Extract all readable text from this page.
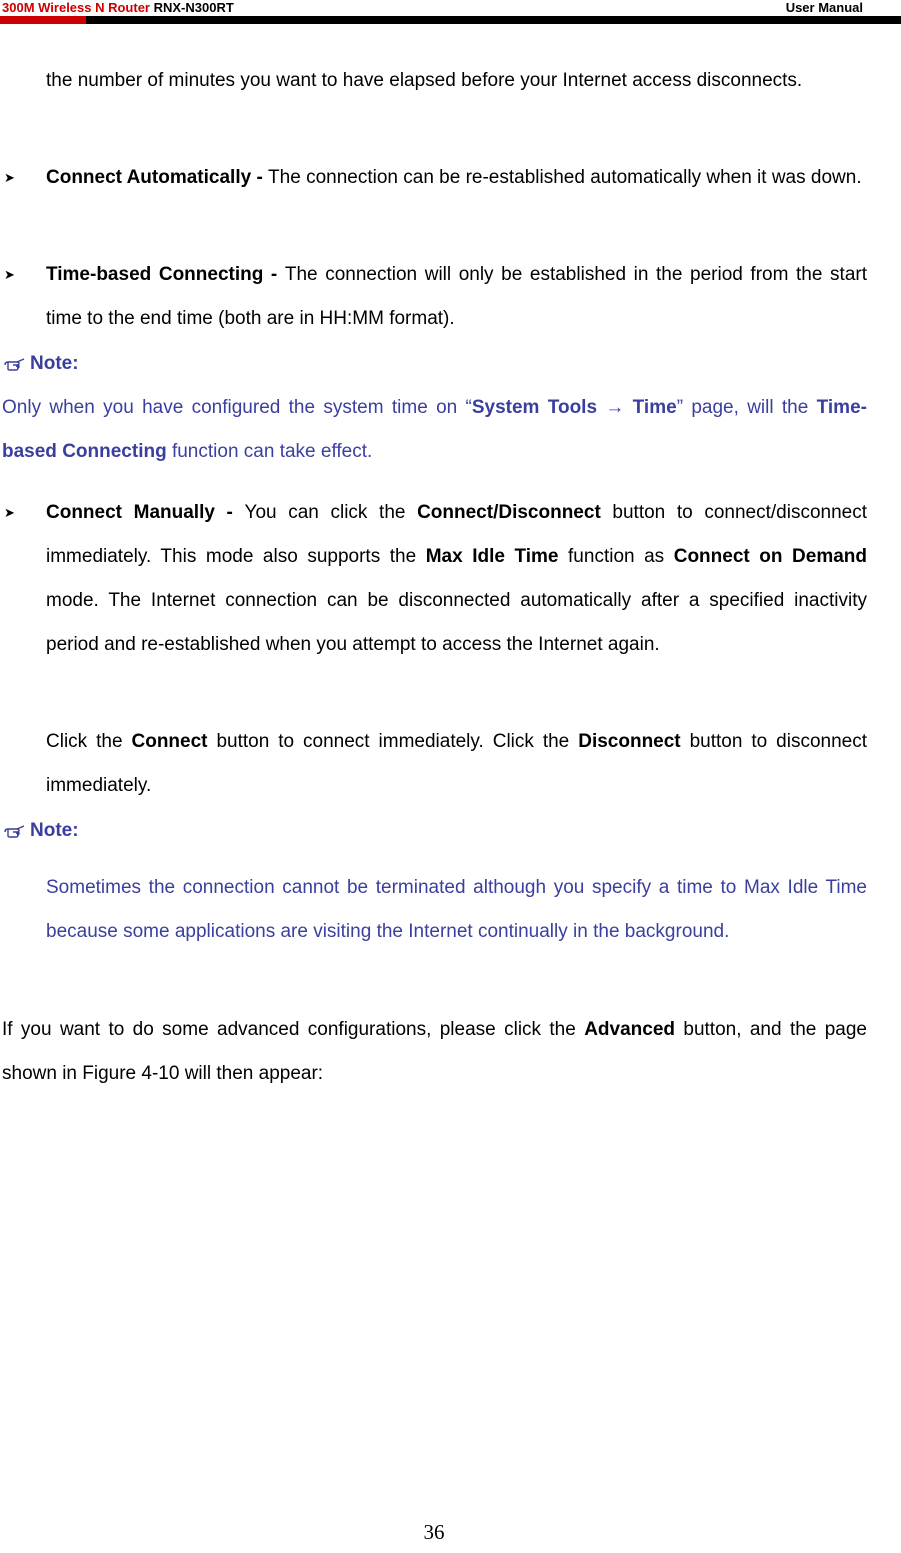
300M Wireless N Router RNX-N300RT	User Manual
the number of minutes you want to have elapsed before your Internet access disconnects.
➤ Connect Automatically - The connection can be re-established automatically when it was down.
➤ Time-based Connecting - The connection will only be established in the period from the start time to the end time (both are in HH:MM format).
Note:
Only when you have configured the system time on “System Tools → Time” page, will the Time-based Connecting function can take effect.
➤ Connect Manually - You can click the Connect/Disconnect button to connect/disconnect immediately. This mode also supports the Max Idle Time function as Connect on Demand mode. The Internet connection can be disconnected automatically after a specified inactivity period and re-established when you attempt to access the Internet again.
Click the Connect button to connect immediately. Click the Disconnect button to disconnect immediately.
Note:
Sometimes the connection cannot be terminated although you specify a time to Max Idle Time because some applications are visiting the Internet continually in the background.
If you want to do some advanced configurations, please click the Advanced button, and the page shown in Figure 4-10 will then appear:
36
